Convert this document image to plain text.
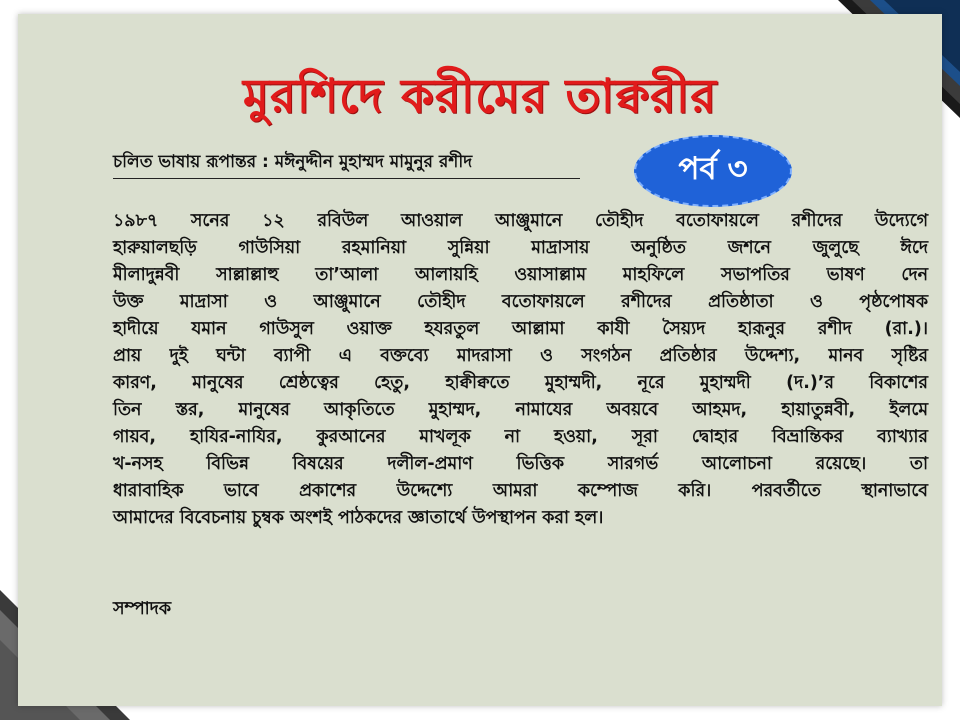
মুরশিদে করীমের তাক্বরীর
চলিত ভাষায় রূপান্তর : মঈনুদ্দীন মুহাম্মদ মামুনুর রশীদ	পর্ব ৩
১৯৮৭ সনের ১২ রবিউল আওয়াল আঞ্জুমানে তৌহীদ বতোফায়লে রশীদের উদ্যেগে
হারুয়ালছড়ি গাউসিয়া রহমানিয়া সুন্নিয়া মাদ্রাসায় অনুষ্ঠিত জশনে জুলুছে ঈদে
মীলাদুন্নবী সাল্লাল্লাহু তা’আলা আলায়হি ওয়াসাল্লাম মাহফিলে সভাপতির ভাষণ দেন
উক্ত মাদ্রাসা ও আঞ্জুমানে তৌহীদ বতোফায়লে রশীদের প্রতিষ্ঠাতা ও পৃষ্ঠপোষক
হাদীয়ে যমান গাউসুল ওয়াক্ত হযরতুল আল্লামা কাযী সৈয়্যদ হারূনুর রশীদ (রা.)।
প্রায় দুই ঘন্টা ব্যাপী এ বক্তব্যে মাদরাসা ও সংগঠন প্রতিষ্ঠার উদ্দেশ্য, মানব সৃষ্টির
কারণ, মানুষের শ্রেষ্ঠত্বের হেতু, হাক্বীক্বতে মুহাম্মদী, নূরে মুহাম্মদী (দ.)’র বিকাশের
তিন স্তর, মানুষের আকৃতিতে মুহাম্মদ, নামাযের অবয়বে আহমদ, হায়াতুন্নবী, ইলমে
গায়ব, হাযির-নাযির, কুরআনের মাখলূক না হওয়া, সূরা দ্বোহার বিভ্রান্তিকর ব্যাখ্যার
খ-নসহ বিভিন্ন বিষয়ের দলীল-প্রমাণ ভিত্তিক সারগর্ভ আলোচনা রয়েছে। তা
ধারাবাহিক ভাবে প্রকাশের উদ্দেশ্যে আমরা কম্পোজ করি। পরবর্তীতে স্থানাভাবে
আমাদের বিবেচনায় চুম্বক অংশই পাঠকদের জ্ঞাতার্থে উপস্থাপন করা হল।
সম্পাদক
